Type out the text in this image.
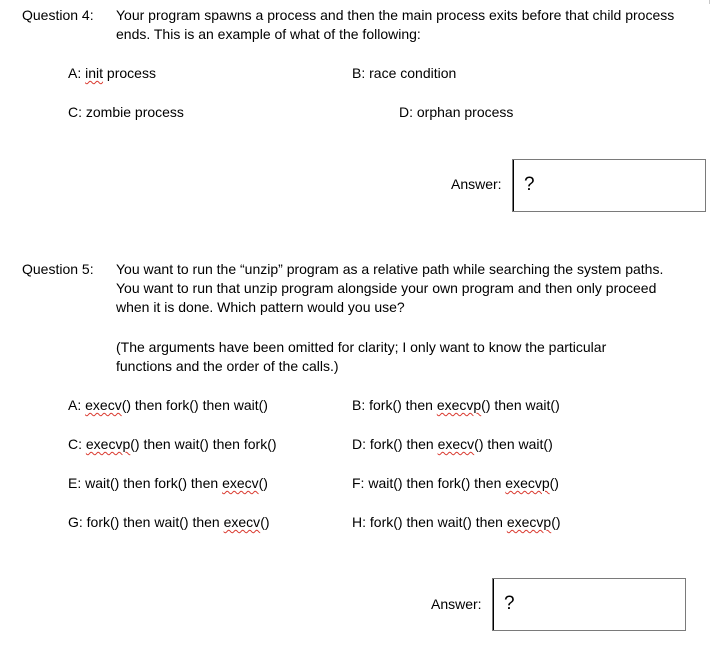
Question 4: Your program spawns a process and then the main process exits before that child process ends. This is an example of what of the following:
A: init process	B: race condition
C: zombie process	D: orphan process
Answer: ?
Question 5: You want to run the “unzip” program as a relative path while searching the system paths. You want to run that unzip program alongside your own program and then only proceed when it is done. Which pattern would you use?
(The arguments have been omitted for clarity; I only want to know the particular functions and the order of the calls.)
A: execv() then fork() then wait()	B: fork() then execvp() then wait()
C: execvp() then wait() then fork()	D: fork() then execv() then wait()
E: wait() then fork() then execv()	F: wait() then fork() then execvp()
G: fork() then wait() then execv()	H: fork() then wait() then execvp()
Answer: ?
